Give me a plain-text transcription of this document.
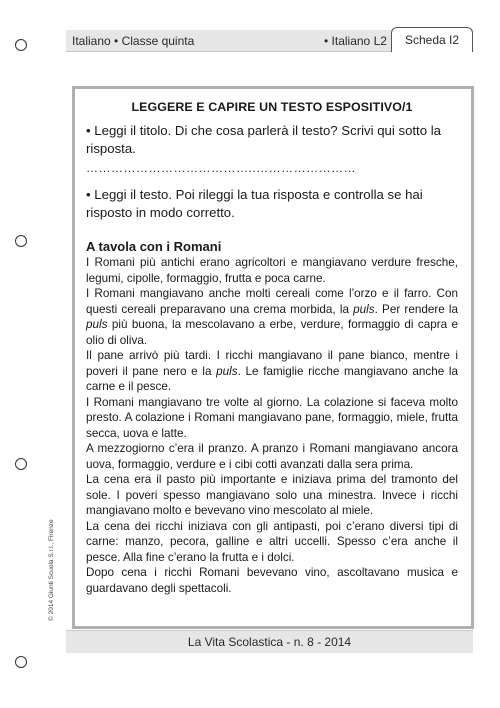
Italiano • Classe quinta	• Italiano L2	Scheda I2
LEGGERE E CAPIRE UN TESTO ESPOSITIVO/1

• Leggi il titolo. Di che cosa parlerà il testo? Scrivi qui sotto la risposta.

…………………………………..……………………

• Leggi il testo. Poi rileggi la tua risposta e controlla se hai risposto in modo corretto.

A tavola con i Romani

I Romani più antichi erano agricoltori e mangiavano verdure fresche, legumi, cipolle, formaggio, frutta e poca carne.

I Romani mangiavano anche molti cereali come l’orzo e il farro. Con questi cereali preparavano una crema morbida, la puls. Per rendere la puls più buona, la mescolavano a erbe, verdure, formaggio di capra e olio di oliva.

Il pane arrivò più tardi. I ricchi mangiavano il pane bianco, mentre i poveri il pane nero e la puls. Le famiglie ricche mangiavano anche la carne e il pesce.

I Romani mangiavano tre volte al giorno. La colazione si faceva molto presto. A colazione i Romani mangiavano pane, formaggio, miele, frutta secca, uova e latte.

A mezzogiorno c’era il pranzo. A pranzo i Romani mangiavano ancora uova, formaggio, verdure e i cibi cotti avanzati dalla sera prima.

La cena era il pasto più importante e iniziava prima del tramonto del sole. I poveri spesso mangiavano solo una minestra. Invece i ricchi mangiavano molto e bevevano vino mescolato al miele.

La cena dei ricchi iniziava con gli antipasti, poi c’erano diversi tipi di carne: manzo, pecora, galline e altri uccelli. Spesso c’era anche il pesce. Alla fine c’erano la frutta e i dolci.

Dopo cena i ricchi Romani bevevano vino, ascoltavano musica e guardavano degli spettacoli.

La Vita Scolastica - n. 8 - 2014
© 2014 Giunti Scuola S.r.l., Firenze
